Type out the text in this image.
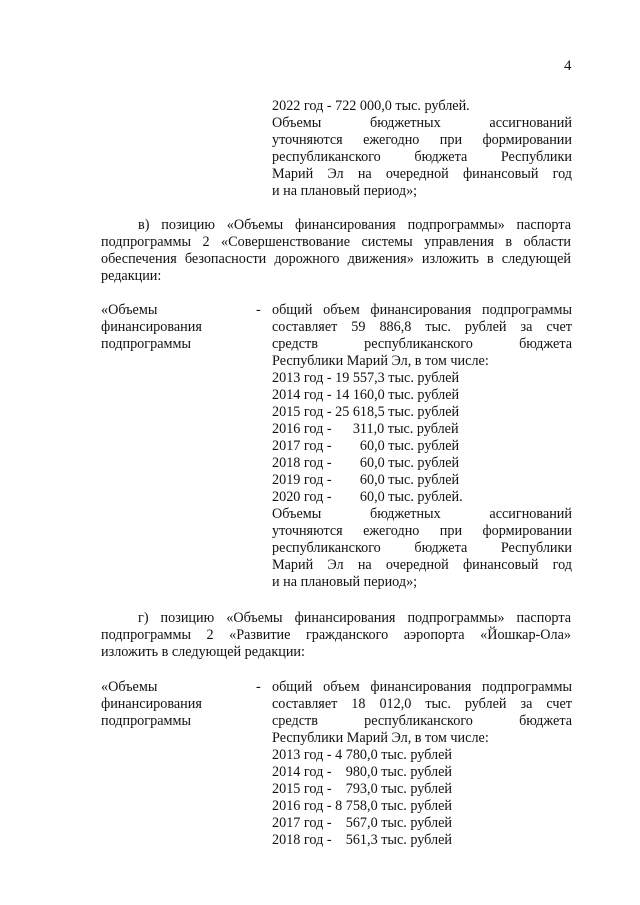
4
2022 год - 722 000,0 тыс. рублей.
Объемы бюджетных ассигнований
уточняются ежегодно при формировании
республиканского бюджета Республики
Марий Эл на очередной финансовый год
и на плановый период»;
в) позицию «Объемы финансирования подпрограммы» паспорта
подпрограммы 2 «Совершенствование системы управления в области
обеспечения безопасности дорожного движения» изложить в следующей
редакции:
«Объемы
финансирования
подпрограммы
- общий объем финансирования подпрограммы
составляет 59 886,8 тыс. рублей за счет
средств республиканского бюджета
Республики Марий Эл, в том числе:
2013 год - 19 557,3 тыс. рублей
2014 год - 14 160,0 тыс. рублей
2015 год - 25 618,5 тыс. рублей
2016 год -      311,0 тыс. рублей
2017 год -        60,0 тыс. рублей
2018 год -        60,0 тыс. рублей
2019 год -        60,0 тыс. рублей
2020 год -        60,0 тыс. рублей.
Объемы бюджетных ассигнований
уточняются ежегодно при формировании
республиканского бюджета Республики
Марий Эл на очередной финансовый год
и на плановый период»;
г) позицию «Объемы финансирования подпрограммы» паспорта
подпрограммы 2 «Развитие гражданского аэропорта «Йошкар-Ола»
изложить в следующей редакции:
«Объемы
финансирования
подпрограммы
- общий объем финансирования подпрограммы
составляет 18 012,0 тыс. рублей за счет
средств республиканского бюджета
Республики Марий Эл, в том числе:
2013 год - 4 780,0 тыс. рублей
2014 год -    980,0 тыс. рублей
2015 год -    793,0 тыс. рублей
2016 год - 8 758,0 тыс. рублей
2017 год -    567,0 тыс. рублей
2018 год -    561,3 тыс. рублей
